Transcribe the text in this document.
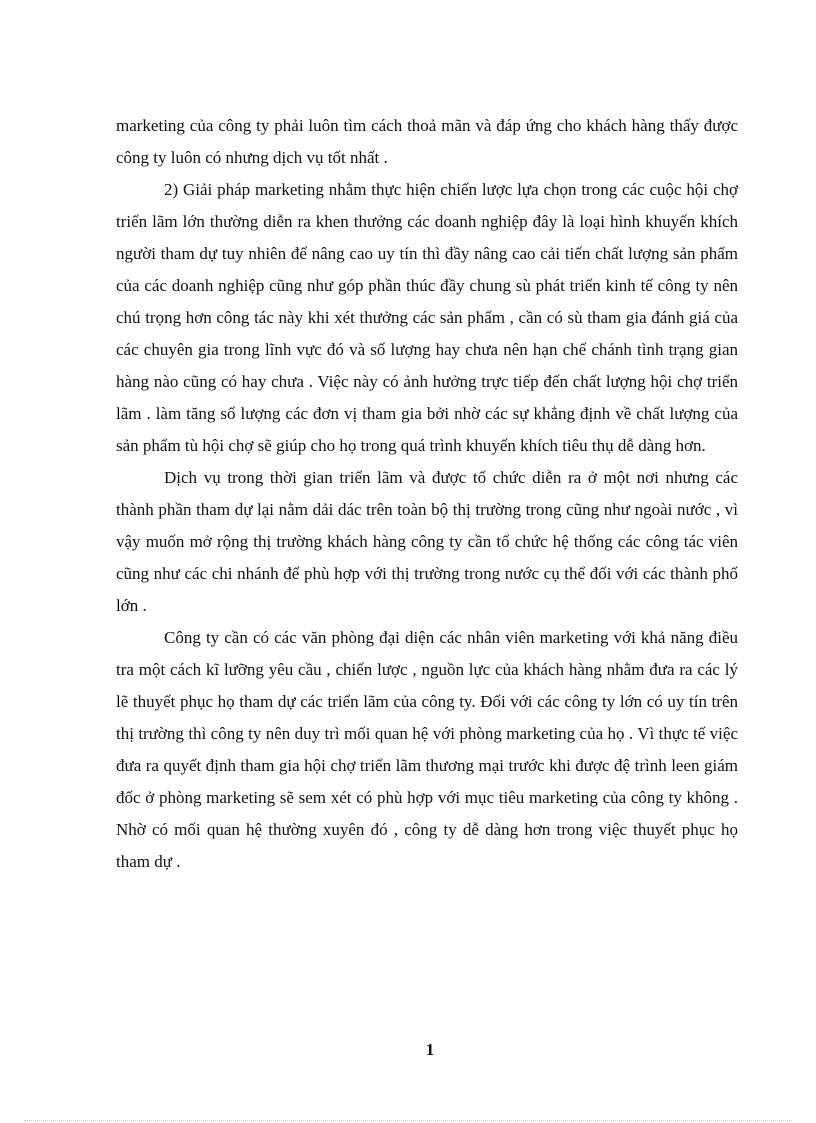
marketing của công ty phải luôn tìm cách thoả mãn và đáp ứng cho khách hàng thấy được công ty luôn có nhưng dịch vụ tốt nhất .

2) Giải pháp marketing nhằm thực hiện chiến lược lựa chọn trong các cuộc hội chợ triển lãm lớn thường diễn ra khen thưởng các doanh nghiệp đây là loại hình khuyến khích người tham dự tuy nhiên để nâng cao uy tín thì đầy nâng cao cải tiến chất lượng sản phẩm của các doanh nghiệp cũng như góp phần thúc đầy chung sù phát triển kinh tế công ty nên chú trọng hơn công tác này khi xét thưởng các sản phẩm , cần có sù tham gia đánh giá của các chuyên gia trong lĩnh vực đó và số lượng hay chưa nên hạn chế chánh tình trạng gian hàng nào cũng có hay chưa . Việc này có ảnh hưởng trực tiếp đến chất lượng hội chợ triển lãm . làm tăng số lượng các đơn vị tham gia bởi nhờ các sự khẳng định về chất lượng của sản phẩm tù hội chợ sẽ giúp cho họ trong quá trình khuyến khích tiêu thụ dễ dàng hơn.

Dịch vụ trong thời gian triển lãm và được tổ chức diễn ra ở một nơi nhưng các thành phần tham dự lại nằm dải dác trên toàn bộ thị trường trong cũng như ngoài nước , vì vậy muốn mở rộng thị trường khách hàng công ty cần tổ chức hệ thống các công tác viên cũng như các chi nhánh để phù hợp với thị trường trong nước cụ thể đối với các thành phố lớn .

Công ty cần có các văn phòng đại diện các nhân viên marketing với khả năng điều tra một cách kĩ lưỡng yêu cầu , chiến lược , nguồn lực của khách hàng nhằm đưa ra các lý lẽ thuyết phục họ tham dự các triển lãm của công ty. Đối với các công ty lớn có uy tín trên thị trường thì công ty nên duy trì mối quan hệ với phòng marketing của họ . Vì thực tế việc đưa ra quyết định tham gia hội chợ triển lãm thương mại trước khi được đệ trình leen giám đốc ở phòng marketing sẽ sem xét có phù hợp với mục tiêu marketing của công ty không . Nhờ có mối quan hệ thường xuyên đó , công ty dễ dàng hơn trong việc thuyết phục họ tham dự .

1
